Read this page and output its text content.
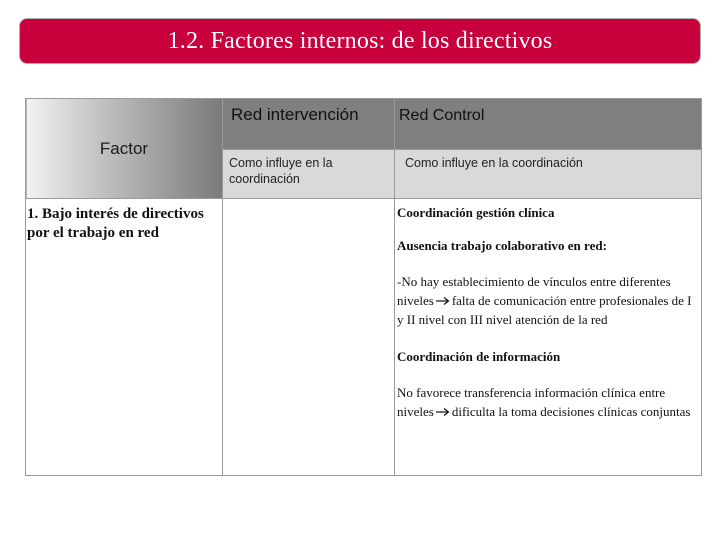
1.2. Factores internos: de los directivos
Factor	Red intervención	Red Control

	Como influye en la coordinación	Como influye en la coordinación

1. Bajo interés de directivos por el trabajo en red		Coordinación gestión clínica

Ausencia trabajo colaborativo en red:

-No hay establecimiento de vínculos entre diferentes niveles falta de comunicación entre profesionales de I y II nivel con III nivel atención de la red

Coordinación de información

No favorece transferencia información clínica entre niveles dificulta la toma decisiones clínicas conjuntas
